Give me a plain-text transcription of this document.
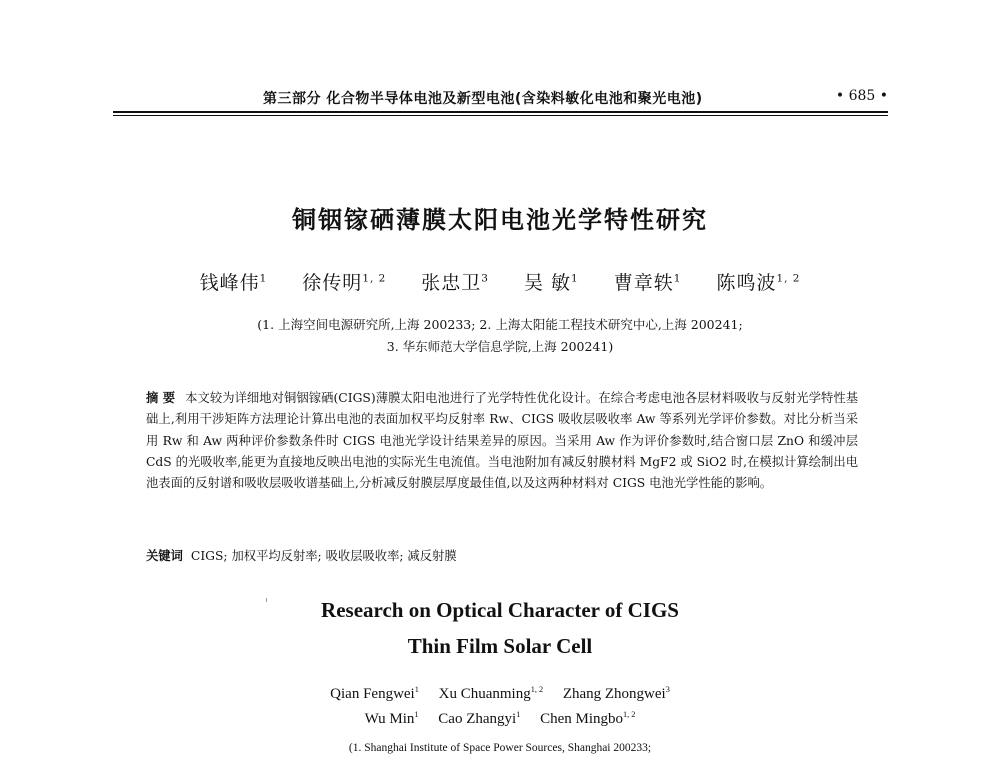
第三部分 化合物半导体电池及新型电池(含染料敏化电池和聚光电池)	• 685 •
铜铟镓硒薄膜太阳电池光学特性研究
钱峰伟$^1$ 徐传明$^{1, 2}$ 张忠卫$^3$ 吴 敏$^1$ 曹章轶$^1$ 陈鸣波$^{1, 2}$
(1. 上海空间电源研究所,上海 200233; 2. 上海太阳能工程技术研究中心,上海 200241;
3. 华东师范大学信息学院,上海 200241)
摘 要 本文较为详细地对铜铟镓硒(CIGS)薄膜太阳电池进行了光学特性优化设计。在综合考虑电池各层材料吸收与反射光学特性基础上,利用干涉矩阵方法理论计算出电池的表面加权平均反射率 Rw、CIGS 吸收层吸收率 Aw 等系列光学评价参数。对比分析当采用 Rw 和 Aw 两种评价参数条件时 CIGS 电池光学设计结果差异的原因。当采用 Aw 作为评价参数时,结合窗口层 ZnO 和缓冲层 CdS 的光吸收率,能更为直接地反映出电池的实际光生电流值。当电池附加有减反射膜材料 MgF2 或 SiO2 时,在模拟计算绘制出电池表面的反射谱和吸收层吸收谱基础上,分析减反射膜层厚度最佳值,以及这两种材料对 CIGS 电池光学性能的影响。
关键词 CIGS; 加权平均反射率; 吸收层吸收率; 减反射膜
Research on Optical Character of CIGS
Thin Film Solar Cell
Qian Fengwei$^1$ Xu Chuanming$^{1, 2}$ Zhang Zhongwei$^3$
Wu Min$^1$ Cao Zhangyi$^1$ Chen Mingbo$^{1, 2}$
(1. Shanghai Institute of Space Power Sources, Shanghai 200233;
